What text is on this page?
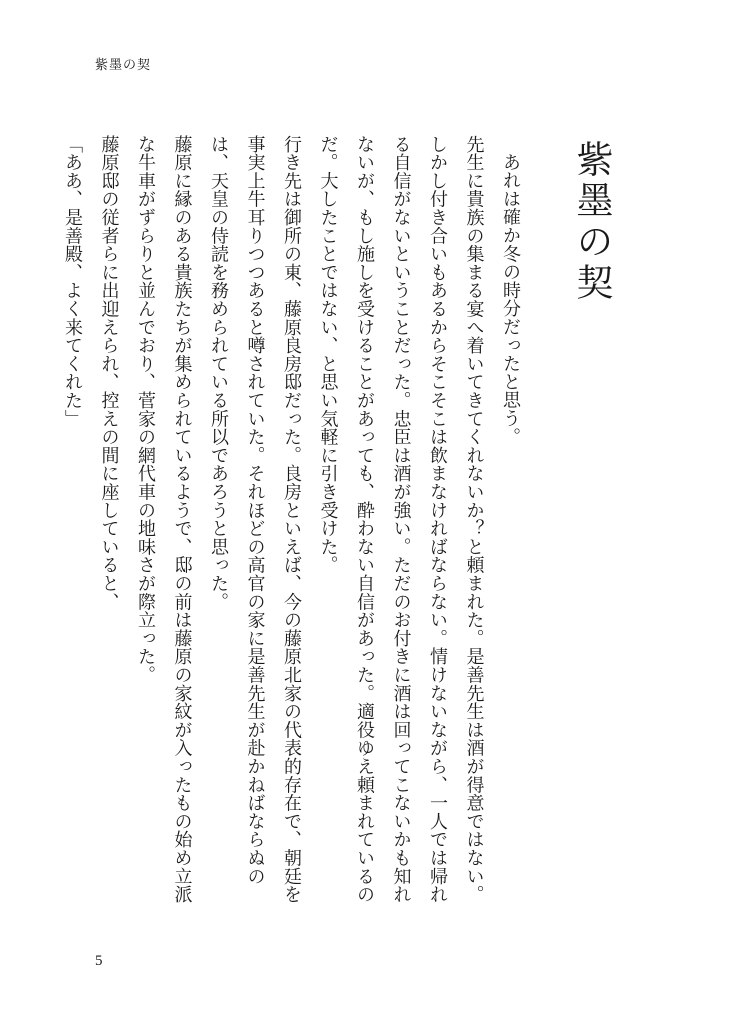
紫墨の契
紫墨の契

あれは確か冬の時分だったと思う。

先生に貴族の集まる宴へ着いてきてくれないか？と頼まれた。是善先生は酒が得意ではない。しかし付き合いもあるからそこそこは飲まなければならない。情けないながら、一人では帰れる自信がないということだった。忠臣は酒が強い。ただのお付きに酒は回ってこないかも知れないが、もし施しを受けることがあっても、酔わない自信があった。適役ゆえ頼まれているのだ。大したことではない、と思い気軽に引き受けた。

行き先は御所の東、藤原良房邸だった。良房といえば、今の藤原北家の代表的存在で、朝廷を事実上牛耳りつつあると噂されていた。それほどの高官の家に是善先生が赴かねばならぬのは、天皇の侍読を務められている所以であろうと思った。

藤原に縁のある貴族たちが集められているようで、邸の前は藤原の家紋が入ったもの始め立派な牛車がずらりと並んでおり、菅家の網代車の地味さが際立った。

藤原邸の従者らに出迎えられ、控えの間に座していると、

「ああ、是善殿、よく来てくれた」

5
